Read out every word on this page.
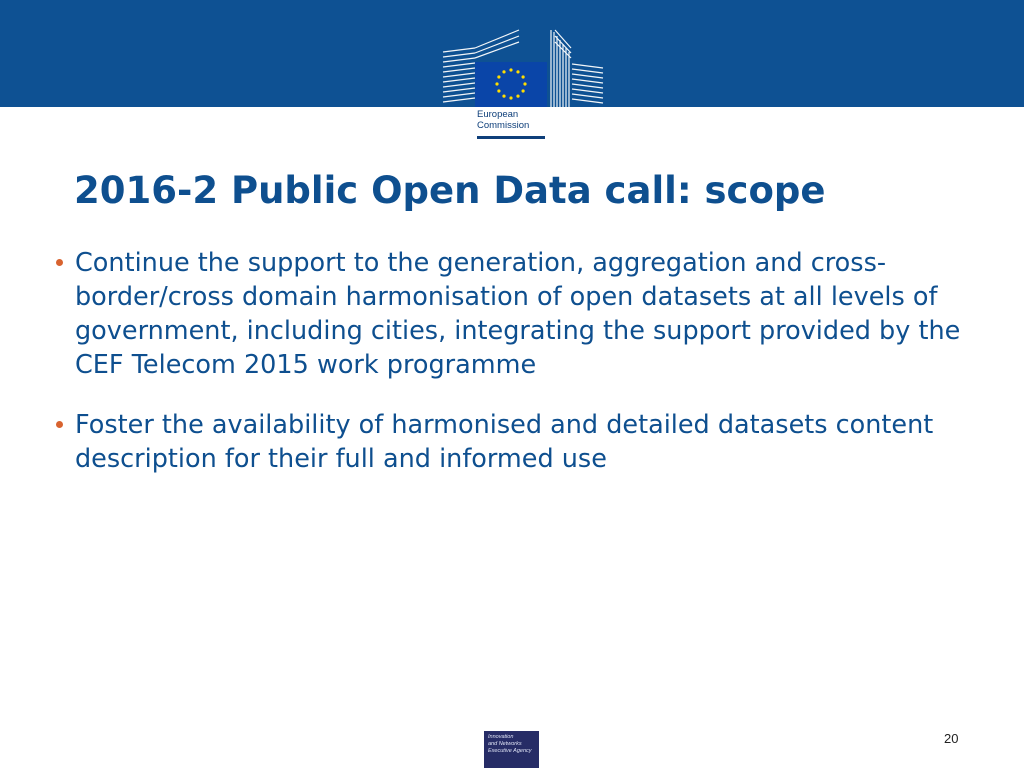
European
Commission
2016-2 Public Open Data call: scope
Continue the support to the generation, aggregation and cross-border/cross domain harmonisation of open datasets at all levels of government, including cities, integrating the support provided by the CEF Telecom 2015 work programme
Foster the availability of harmonised and detailed datasets content description for their full and informed use
Innovation
and Networks
Executive Agency
20
